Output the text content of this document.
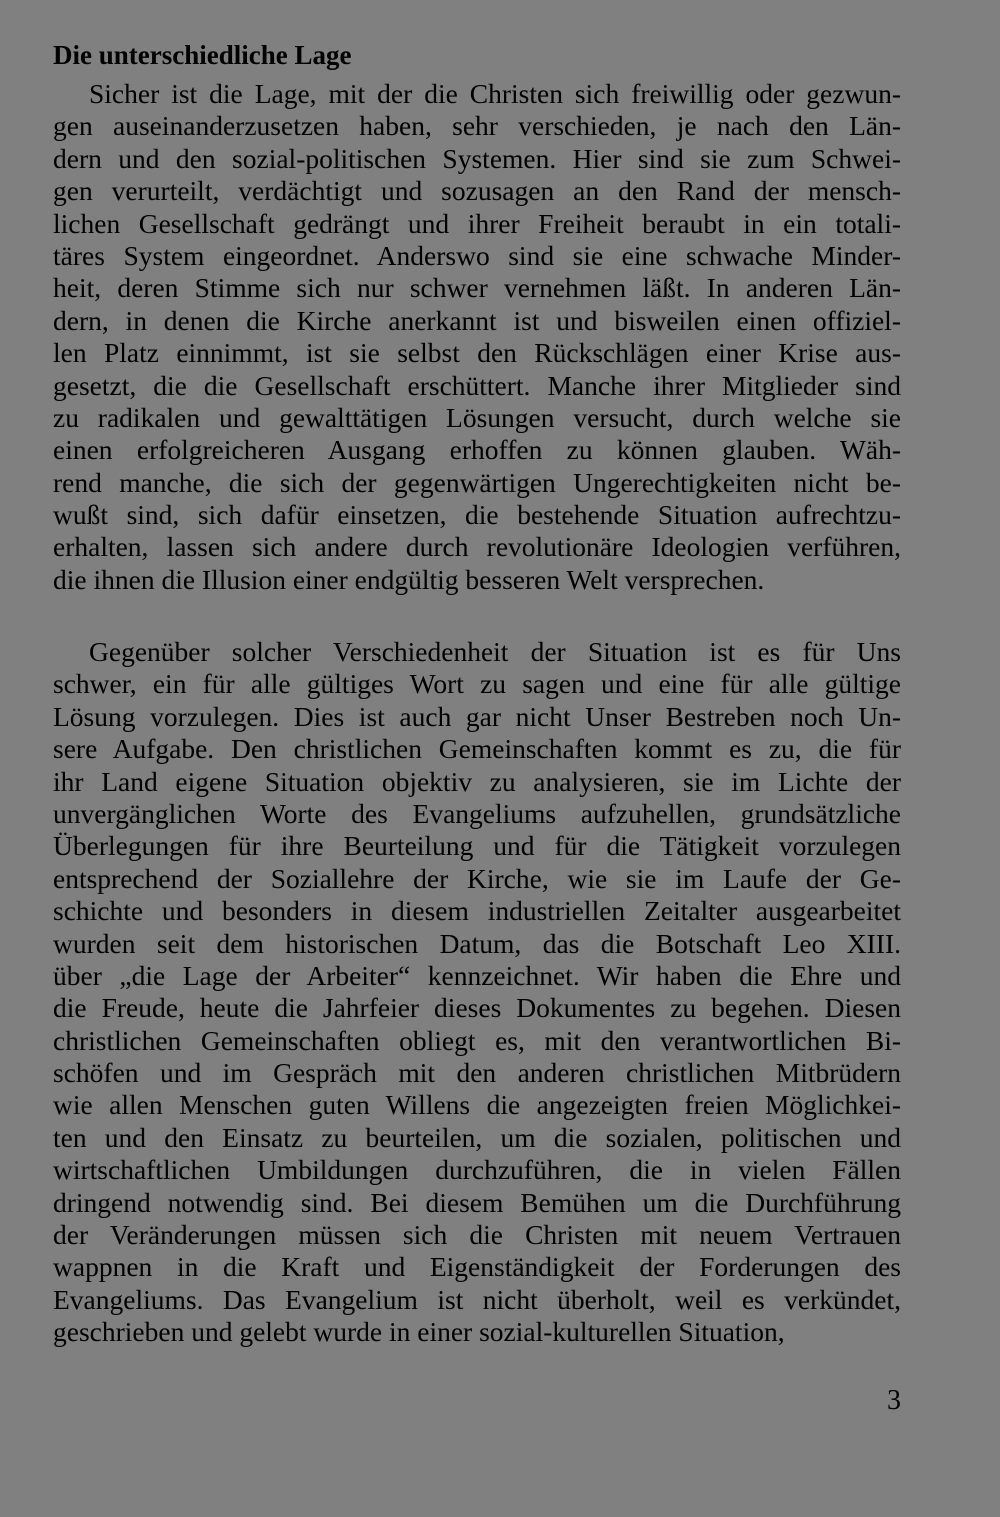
Die unterschiedliche Lage
Sicher ist die Lage, mit der die Christen sich freiwillig oder gezwun-
gen auseinanderzusetzen haben, sehr verschieden, je nach den Län-
dern und den sozial-politischen Systemen. Hier sind sie zum Schwei-
gen verurteilt, verdächtigt und sozusagen an den Rand der mensch-
lichen Gesellschaft gedrängt und ihrer Freiheit beraubt in ein totali-
täres System eingeordnet. Anderswo sind sie eine schwache Minder-
heit, deren Stimme sich nur schwer vernehmen läßt. In anderen Län-
dern, in denen die Kirche anerkannt ist und bisweilen einen offiziel-
len Platz einnimmt, ist sie selbst den Rückschlägen einer Krise aus-
gesetzt, die die Gesellschaft erschüttert. Manche ihrer Mitglieder sind
zu radikalen und gewalttätigen Lösungen versucht, durch welche sie
einen erfolgreicheren Ausgang erhoffen zu können glauben. Wäh-
rend manche, die sich der gegenwärtigen Ungerechtigkeiten nicht be-
wußt sind, sich dafür einsetzen, die bestehende Situation aufrechtzu-
erhalten, lassen sich andere durch revolutionäre Ideologien verführen,
die ihnen die Illusion einer endgültig besseren Welt versprechen.
Gegenüber solcher Verschiedenheit der Situation ist es für Uns
schwer, ein für alle gültiges Wort zu sagen und eine für alle gültige
Lösung vorzulegen. Dies ist auch gar nicht Unser Bestreben noch Un-
sere Aufgabe. Den christlichen Gemeinschaften kommt es zu, die für
ihr Land eigene Situation objektiv zu analysieren, sie im Lichte der
unvergänglichen Worte des Evangeliums aufzuhellen, grundsätzliche
Überlegungen für ihre Beurteilung und für die Tätigkeit vorzulegen
entsprechend der Soziallehre der Kirche, wie sie im Laufe der Ge-
schichte und besonders in diesem industriellen Zeitalter ausgearbeitet
wurden seit dem historischen Datum, das die Botschaft Leo XIII.
über „die Lage der Arbeiter“ kennzeichnet. Wir haben die Ehre und
die Freude, heute die Jahrfeier dieses Dokumentes zu begehen. Diesen
christlichen Gemeinschaften obliegt es, mit den verantwortlichen Bi-
schöfen und im Gespräch mit den anderen christlichen Mitbrüdern
wie allen Menschen guten Willens die angezeigten freien Möglichkei-
ten und den Einsatz zu beurteilen, um die sozialen, politischen und
wirtschaftlichen Umbildungen durchzuführen, die in vielen Fällen
dringend notwendig sind. Bei diesem Bemühen um die Durchführung
der Veränderungen müssen sich die Christen mit neuem Vertrauen
wappnen in die Kraft und Eigenständigkeit der Forderungen des
Evangeliums. Das Evangelium ist nicht überholt, weil es verkündet,
geschrieben und gelebt wurde in einer sozial-kulturellen Situation,
3
